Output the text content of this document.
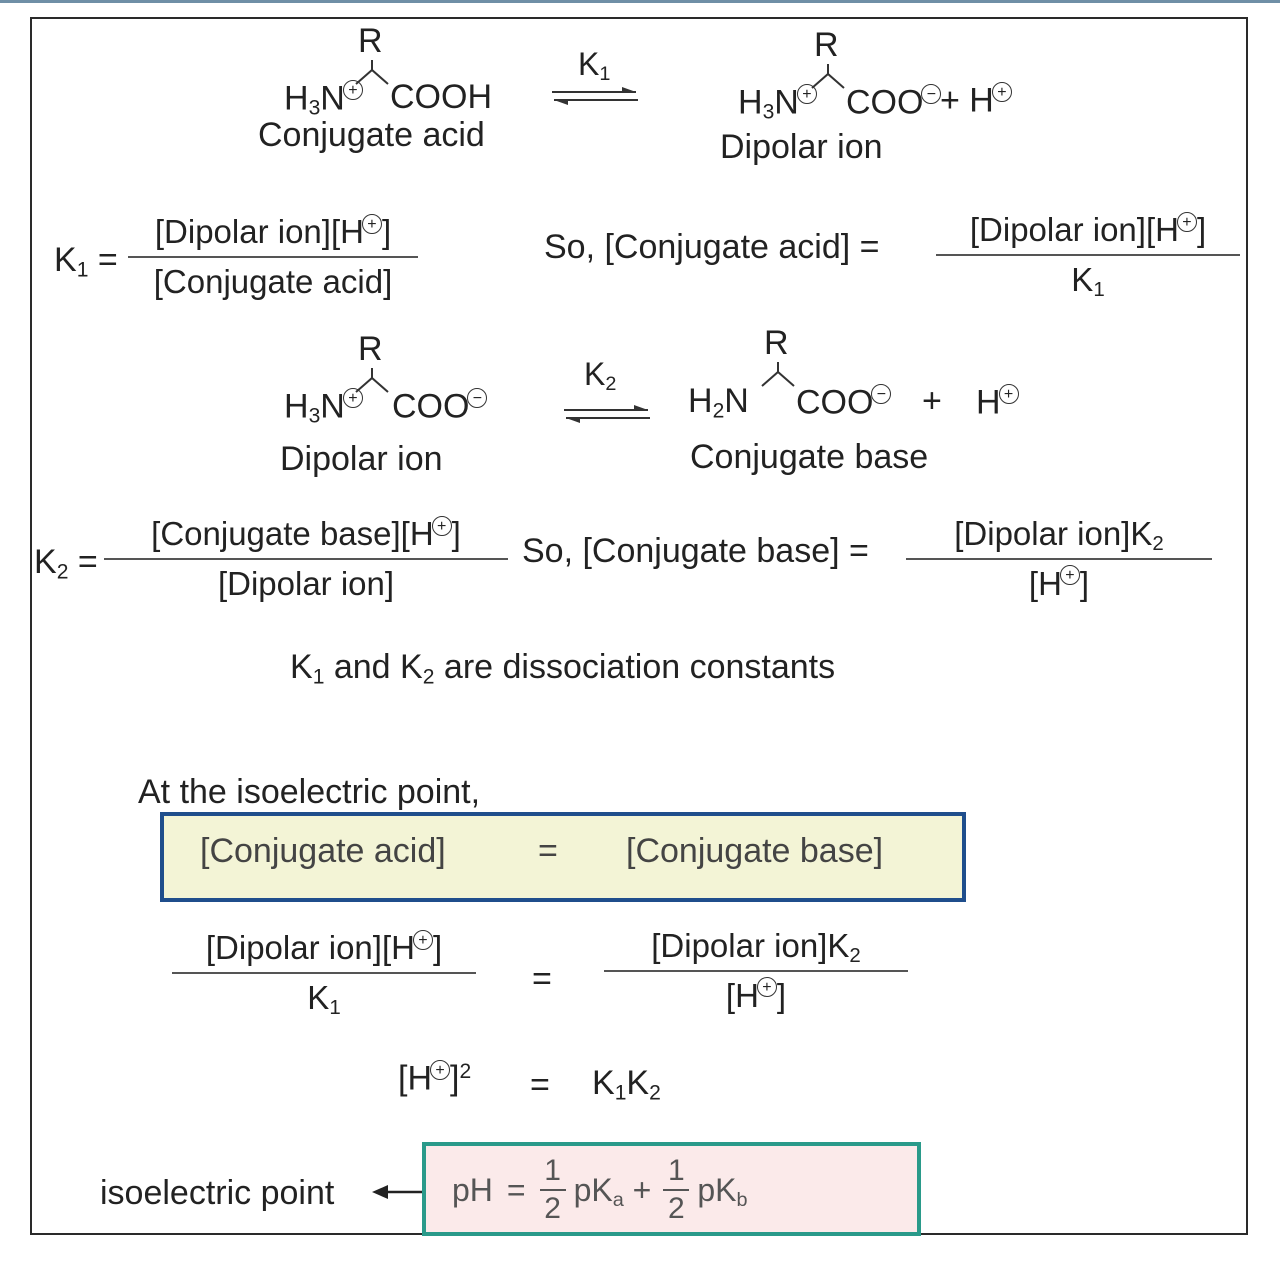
R
$H_3N$ + COOH
Conjugate acid
$K_1$
R
$H_3N$ + COO − + H +
Dipolar ion
$K_1$ =
[Dipolar ion][H + ]
[Conjugate acid]
So, [Conjugate acid] =	[Dipolar ion][H + ]
$K_1$
R
$H_3N$ + COO −
Dipolar ion
$K_2$
R
$H_2N$ COO − + H +
Conjugate base
$K_2$ =
[Conjugate base][H + ]
[Dipolar ion]
So, [Conjugate base] =	[Dipolar $ion]K_2$
[H + ]
$K_1$ and $K_2$ are dissociation constants
At the isoelectric point,
[Conjugate acid]	= [Conjugate base]
[Dipolar ion][H + ]
$K_1$
=
[Dipolar $ion]K_2$
[H + ]
$[H + ]^2 = K_1K_2$
isoelectric point	pH =
1
2
$pK_a$ +
1
2
$pK_b$
